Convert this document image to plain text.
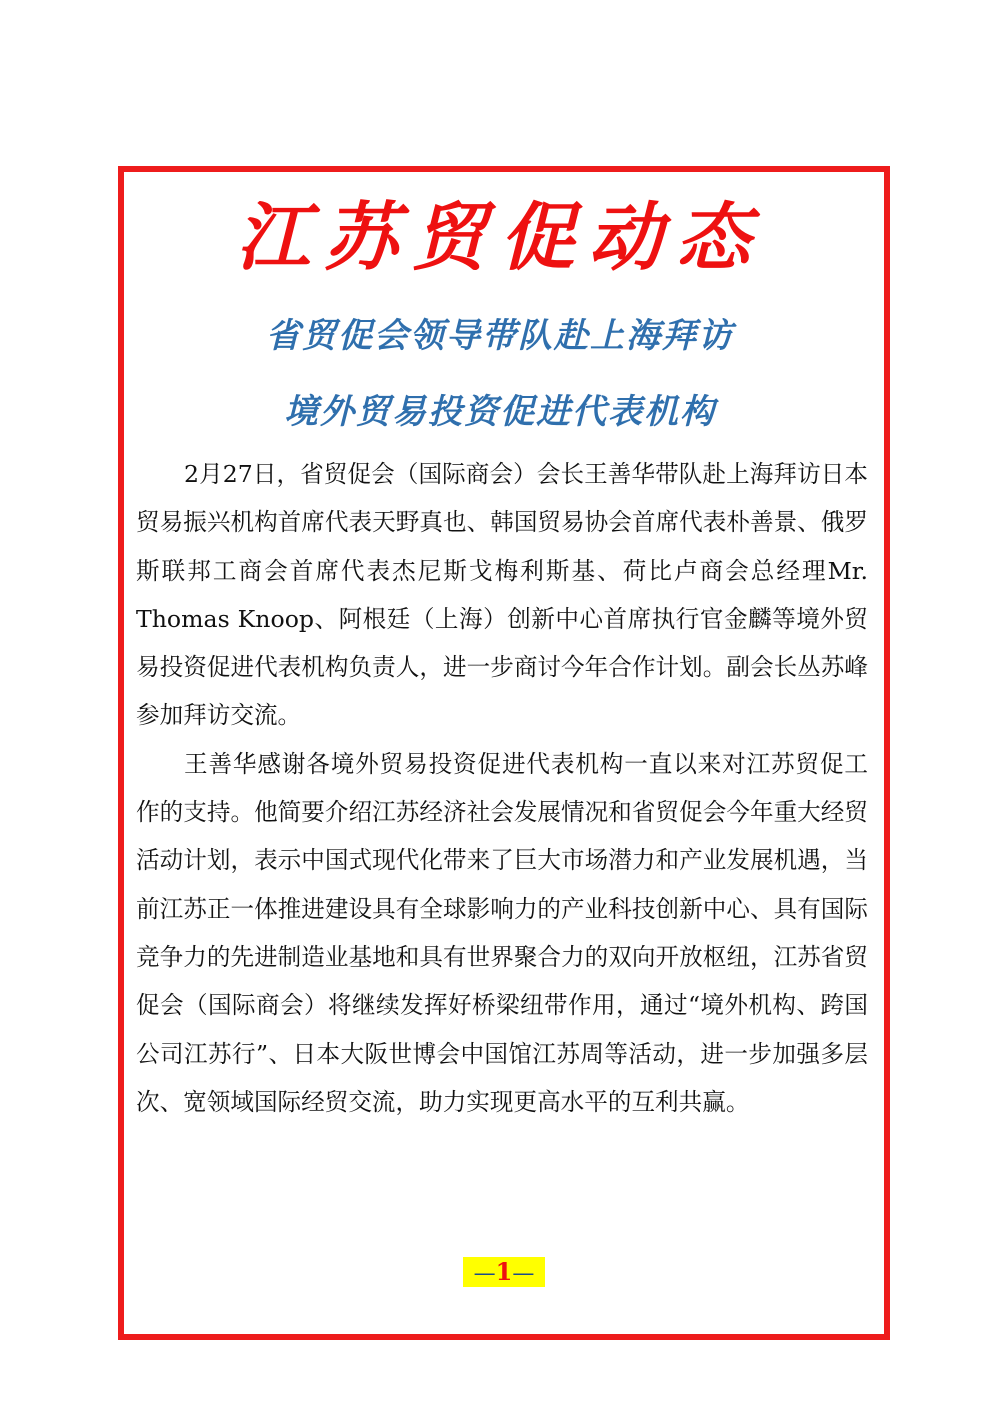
江苏贸促动态
省贸促会领导带队赴上海拜访
境外贸易投资促进代表机构

2月27日，省贸促会（国际商会）会长王善华带队赴上海拜访日本贸易振兴机构首席代表天野真也、韩国贸易协会首席代表朴善景、俄罗斯联邦工商会首席代表杰尼斯戈梅利斯基、荷比卢商会总经理Mr. Thomas Knoop、阿根廷（上海）创新中心首席执行官金麟等境外贸易投资促进代表机构负责人，进一步商讨今年合作计划。副会长丛苏峰参加拜访交流。

王善华感谢各境外贸易投资促进代表机构一直以来对江苏贸促工作的支持。他简要介绍江苏经济社会发展情况和省贸促会今年重大经贸活动计划，表示中国式现代化带来了巨大市场潜力和产业发展机遇，当前江苏正一体推进建设具有全球影响力的产业科技创新中心、具有国际竞争力的先进制造业基地和具有世界聚合力的双向开放枢纽，江苏省贸促会（国际商会）将继续发挥好桥梁纽带作用，通过“境外机构、跨国公司江苏行”、日本大阪世博会中国馆江苏周等活动，进一步加强多层次、宽领域国际经贸交流，助力实现更高水平的互利共赢。

—1—
